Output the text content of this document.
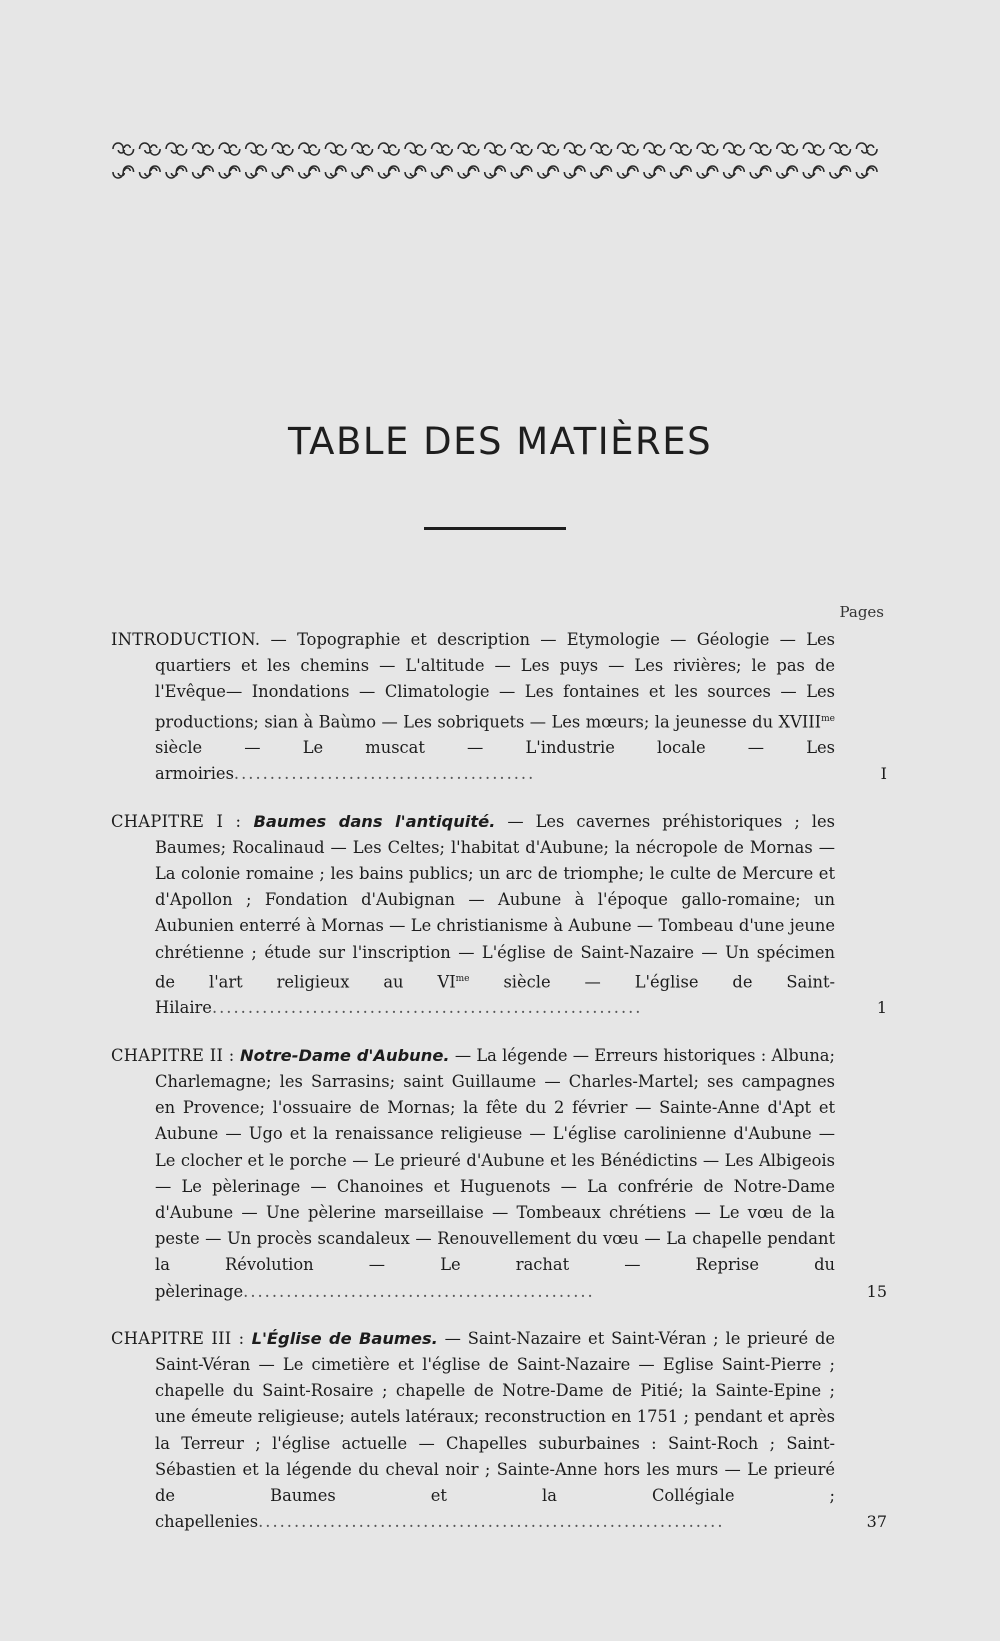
TABLE DES MATIÈRES
Pages
INTRODUCTION. — Topographie et description — Etymologie — Géologie — Les quartiers et les chemins — L'altitude — Les puys — Les rivières; le pas de l'Evêque— Inondations — Climatologie — Les fontaines et les sources — Les productions; sian à Baùmo — Les sobriquets — Les mœurs; la jeunesse du $XVIII^{me}$ siècle — Le muscat — L'industrie locale — Les armoiries..........................................	I
CHAPITRE I : Baumes dans l'antiquité. — Les cavernes préhistoriques ; les Baumes; Rocalinaud — Les Celtes; l'habitat d'Aubune; la nécropole de Mornas — La colonie romaine ; les bains publics; un arc de triomphe; le culte de Mercure et d'Apollon ; Fondation d'Aubignan — Aubune à l'époque gallo-romaine; un Aubunien enterré à Mornas — Le christianisme à Aubune — Tombeau d'une jeune chrétienne ; étude sur l'inscription — L'église de Saint-Nazaire — Un spécimen de l'art religieux au $VI^{me}$ siècle — L'église de Saint-Hilaire............................................................	1
CHAPITRE II : Notre-Dame d'Aubune. — La légende — Erreurs historiques : Albuna; Charlemagne; les Sarrasins; saint Guillaume — Charles-Martel; ses campagnes en Provence; l'ossuaire de Mornas; la fête du 2 février — Sainte-Anne d'Apt et Aubune — Ugo et la renaissance religieuse — L'église carolinienne d'Aubune — Le clocher et le porche — Le prieuré d'Aubune et les Bénédictins — Les Albigeois — Le pèlerinage — Chanoines et Huguenots — La confrérie de Notre-Dame d'Aubune — Une pèlerine marseillaise — Tombeaux chrétiens — Le vœu de la peste — Un procès scandaleux — Renouvellement du vœu — La chapelle pendant la Révolution — Le rachat — Reprise du pèlerinage.................................................	15
CHAPITRE III : L'Église de Baumes. — Saint-Nazaire et Saint-Véran ; le prieuré de Saint-Véran — Le cimetière et l'église de Saint-Nazaire — Eglise Saint-Pierre ; chapelle du Saint-Rosaire ; chapelle de Notre-Dame de Pitié; la Sainte-Epine ; une émeute religieuse; autels latéraux; reconstruction en 1751 ; pendant et après la Terreur ; l'église actuelle — Chapelles suburbaines : Saint-Roch ; Saint-Sébastien et la légende du cheval noir ; Sainte-Anne hors les murs — Le prieuré de Baumes et la Collégiale ; chapellenies.................................................................	37
